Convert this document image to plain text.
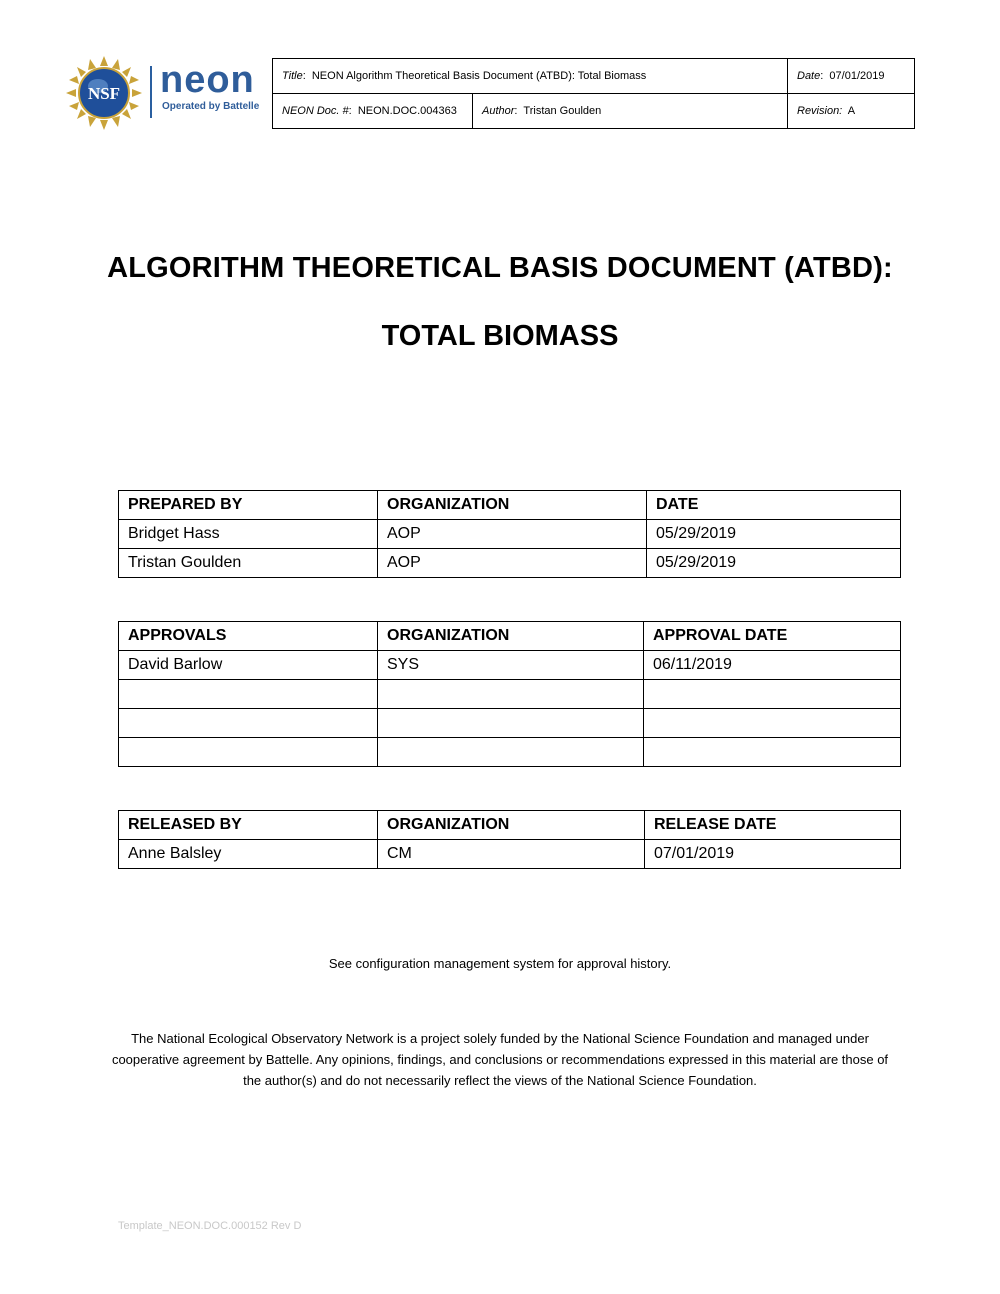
NSF neon
Operated by Battelle
Title:  NEON Algorithm Theoretical Basis Document (ATBD): Total Biomass		Date:  07/01/2019
NEON Doc. #:  NEON.DOC.004363	Author:  Tristan Goulden	Revision: A
ALGORITHM THEORETICAL BASIS DOCUMENT (ATBD):
TOTAL BIOMASS
PREPARED BY	ORGANIZATION	DATE
Bridget Hass	AOP	05/29/2019
Tristan Goulden	AOP	05/29/2019
APPROVALS	ORGANIZATION	APPROVAL DATE
David Barlow	SYS	06/11/2019

RELEASED BY	ORGANIZATION	RELEASE DATE
Anne Balsley	CM	07/01/2019
See configuration management system for approval history.
The National Ecological Observatory Network is a project solely funded by the National Science Foundation and managed under cooperative agreement by Battelle. Any opinions, findings, and conclusions or recommendations expressed in this material are those of the author(s) and do not necessarily reflect the views of the National Science Foundation.
Template_NEON.DOC.000152 Rev D
